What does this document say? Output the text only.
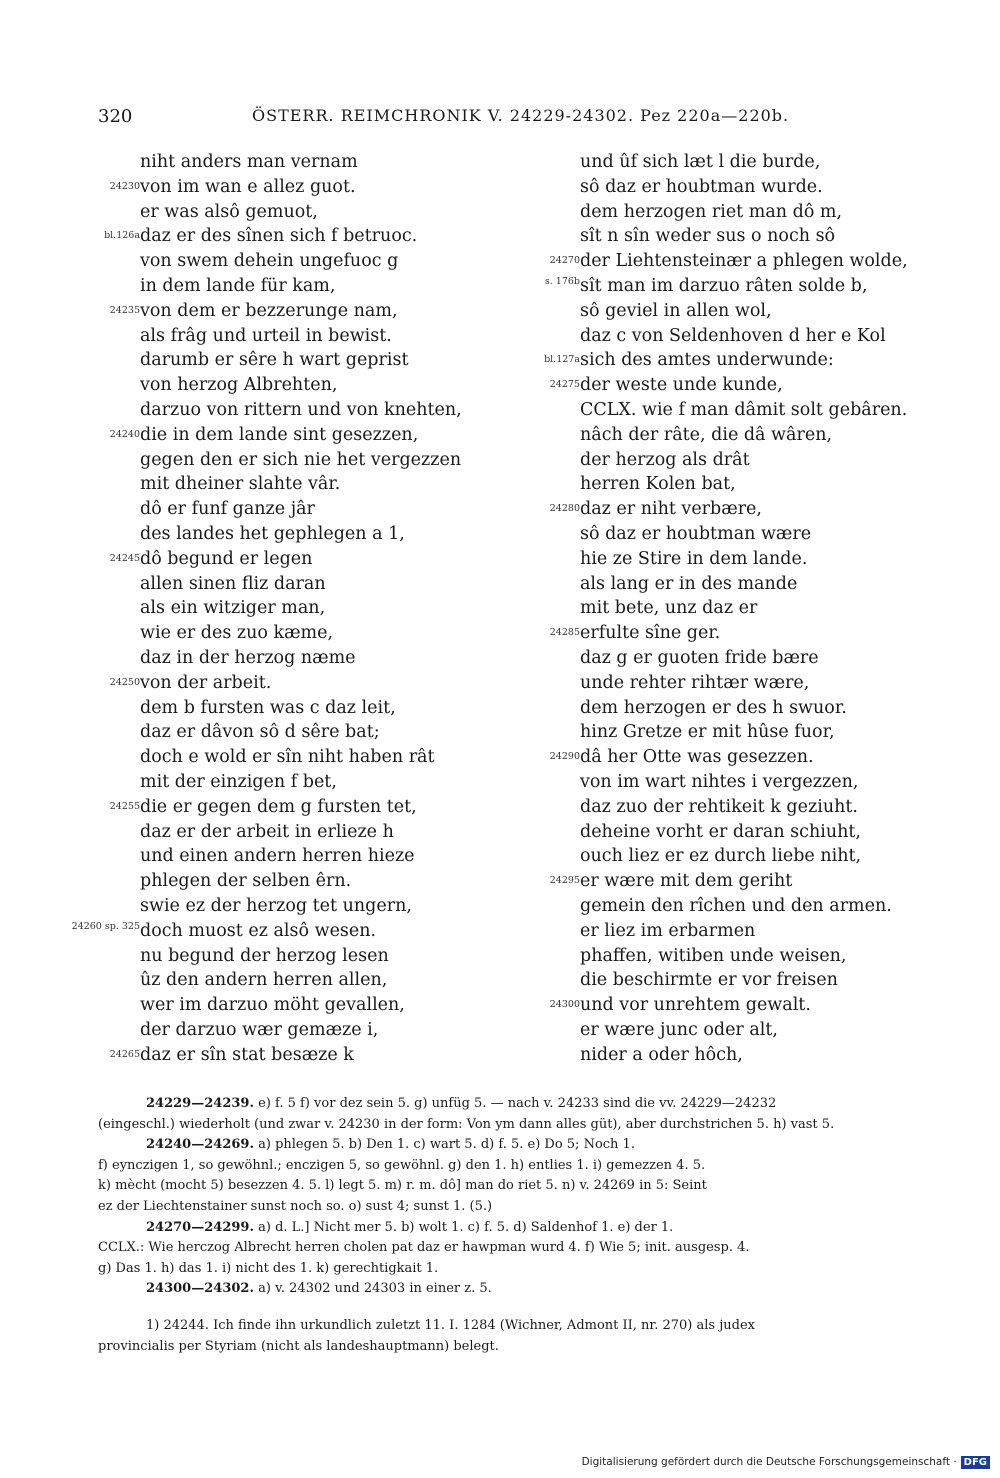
320	ÖSTERR. REIMCHRONIK V. 24229-24302. Pez 220a—220b.
niht anders man vernam
24230 von im wan e allez guot.
er was alsô gemuot,
bl.126a daz er des sînen sich f betruoc.
von swem dehein ungefuoc g
in dem lande für kam,
24235 von dem er bezzerunge nam,
als frâg und urteil in bewist.
darumb er sêre h wart geprist
von herzog Albrehten,
darzuo von rittern und von knehten,
24240 die in dem lande sint gesezzen,
gegen den er sich nie het vergezzen
mit dheiner slahte vâr.
dô er funf ganze jâr
des landes het gephlegen a 1,
24245 dô begund er legen
allen sinen fliz daran
als ein witziger man,
wie er des zuo kæme,
daz in der herzog næme
24250 von der arbeit.
dem b fursten was c daz leit,
daz er dâvon sô d sêre bat;
doch e wold er sîn niht haben rât
mit der einzigen f bet,
24255 die er gegen dem g fursten tet,
daz er der arbeit in erlieze h
und einen andern herren hieze
phlegen der selben êrn.
swie ez der herzog tet ungern,
24260 sp. 325 doch muost ez alsô wesen.
nu begund der herzog lesen
ûz den andern herren allen,
wer im darzuo möht gevallen,
der darzuo wær gemæze i,
24265 daz er sîn stat besæze k
und ûf sich læt l die burde,
sô daz er houbtman wurde.
dem herzogen riet man dô m,
sît n sîn weder sus o noch sô
24270 der Liehtensteinær a phlegen wolde,
s. 176b sît man im darzuo râten solde b,
sô geviel in allen wol,
daz c von Seldenhoven d her e Kol
bl.127a sich des amtes underwunde:
24275 der weste unde kunde,
CCLX. wie f man dâmit solt gebâren.
nâch der râte, die dâ wâren,
der herzog als drât
herren Kolen bat,
24280 daz er niht verbære,
sô daz er houbtman wære
hie ze Stire in dem lande.
als lang er in des mande
mit bete, unz daz er
24285 erfulte sîne ger.
daz g er guoten fride bære
unde rehter rihtær wære,
dem herzogen er des h swuor.
hinz Gretze er mit hûse fuor,
24290 dâ her Otte was gesezzen.
von im wart nihtes i vergezzen,
daz zuo der rehtikeit k geziuht.
deheine vorht er daran schiuht,
ouch liez er ez durch liebe niht,
24295 er wære mit dem geriht
gemein den rîchen und den armen.
er liez im erbarmen
phaffen, witiben unde weisen,
die beschirmte er vor freisen
24300 und vor unrehtem gewalt.
er wære junc oder alt,
nider a oder hôch,
24229—24239. e) f. 5 f) vor dez sein 5. g) unfüg 5. — nach v. 24233 sind die vv. 24229—24232
(eingeschl.) wiederholt (und zwar v. 24230 in der form: Von ym dann alles güt), aber durchstrichen 5. h) vast 5.
24240—24269. a) phlegen 5. b) Den 1. c) wart 5. d) f. 5. e) Do 5; Noch 1.
f) eynczigen 1, so gewöhnl.; enczigen 5, so gewöhnl. g) den 1. h) entlies 1. i) gemezzen 4. 5.
k) mècht (mocht 5) besezzen 4. 5. l) legt 5. m) r. m. dô] man do riet 5. n) v. 24269 in 5: Seint
ez der Liechtenstainer sunst noch so. o) sust 4; sunst 1. (5.)
24270—24299. a) d. L.] Nicht mer 5. b) wolt 1. c) f. 5. d) Saldenhof 1. e) der 1.
CCLX.: Wie herczog Albrecht herren cholen pat daz er hawpman wurd 4. f) Wie 5; init. ausgesp. 4.
g) Das 1. h) das 1. i) nicht des 1. k) gerechtigkait 1.
24300—24302. a) v. 24302 und 24303 in einer z. 5.
1) 24244. Ich finde ihn urkundlich zuletzt 11. I. 1284 (Wichner, Admont II, nr. 270) als judex
provincialis per Styriam (nicht als landeshauptmann) belegt.
Digitalisierung gefördert durch die Deutsche Forschungsgemeinschaft · DFG
